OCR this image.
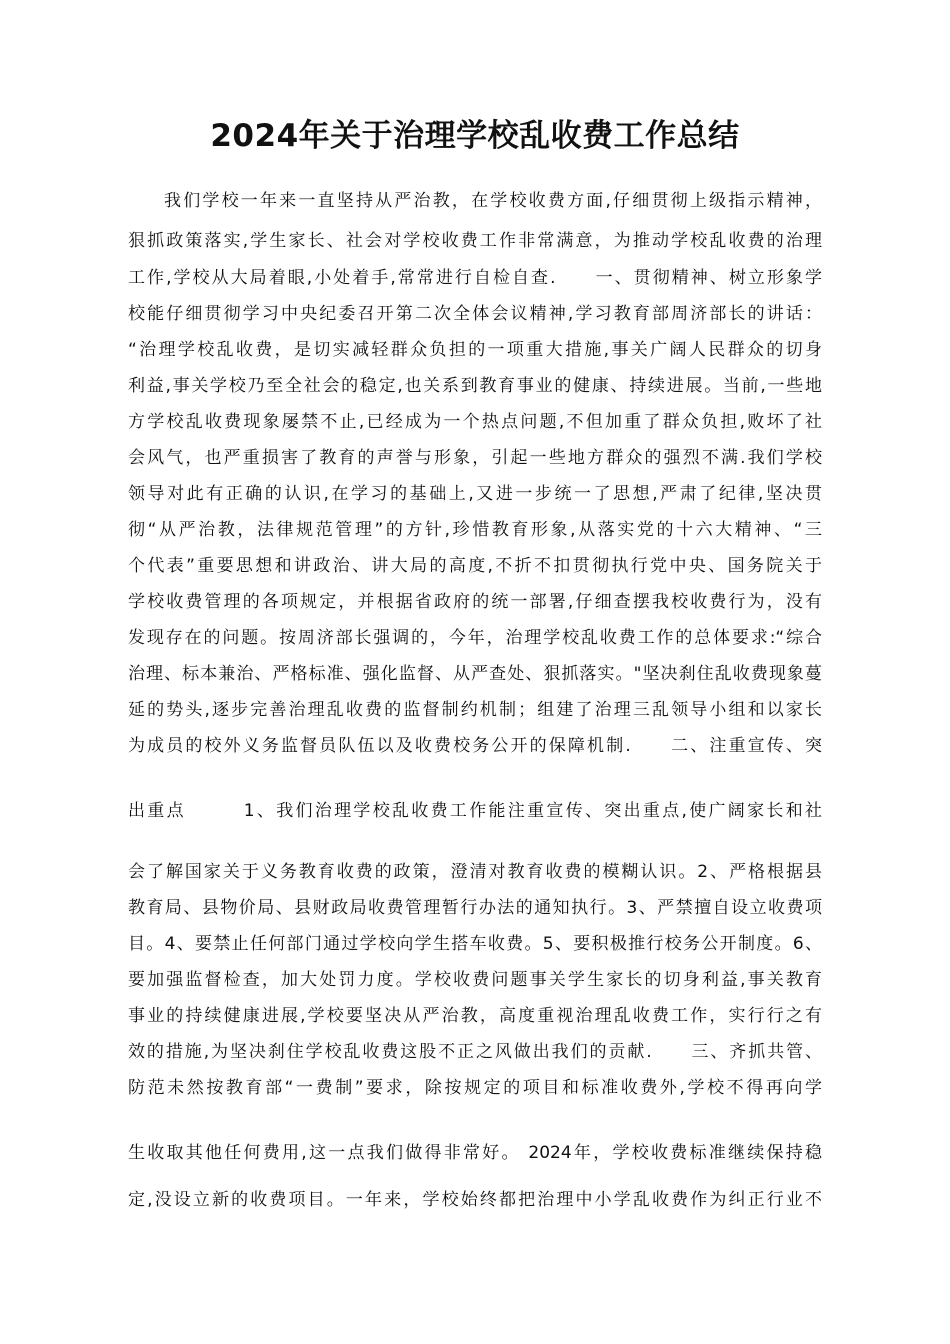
2024年关于治理学校乱收费工作总结

我们学校一年来一直坚持从严治教，在学校收费方面,仔细贯彻上级指示精神，

狠抓政策落实,学生家长、社会对学校收费工作非常满意，为推动学校乱收费的治理

工作,学校从大局着眼,小处着手,常常进行自检自查.　　一、贯彻精神、树立形象学

校能仔细贯彻学习中央纪委召开第二次全体会议精神,学习教育部周济部长的讲话：

“治理学校乱收费，是切实减轻群众负担的一项重大措施,事关广阔人民群众的切身

利益,事关学校乃至全社会的稳定,也关系到教育事业的健康、持续进展。当前,一些地

方学校乱收费现象屡禁不止,已经成为一个热点问题,不但加重了群众负担,败坏了社

会风气，也严重损害了教育的声誉与形象，引起一些地方群众的强烈不满.我们学校

领导对此有正确的认识,在学习的基础上,又进一步统一了思想,严肃了纪律,坚决贯

彻“从严治教，法律规范管理”的方针,珍惜教育形象,从落实党的十六大精神、“三

个代表”重要思想和讲政治、讲大局的高度,不折不扣贯彻执行党中央、国务院关于

学校收费管理的各项规定，并根据省政府的统一部署,仔细查摆我校收费行为，没有

发现存在的问题。按周济部长强调的，今年，治理学校乱收费工作的总体要求:“综合

治理、标本兼治、严格标准、强化监督、从严查处、狠抓落实。"坚决刹住乱收费现象蔓

延的势头,逐步完善治理乱收费的监督制约机制；组建了治理三乱领导小组和以家长

为成员的校外义务监督员队伍以及收费校务公开的保障机制.　　二、注重宣传、突

出重点　　　1、我们治理学校乱收费工作能注重宣传、突出重点,使广阔家长和社

会了解国家关于义务教育收费的政策，澄清对教育收费的模糊认识。2、严格根据县

教育局、县物价局、县财政局收费管理暂行办法的通知执行。3、严禁擅自设立收费项

目。4、要禁止任何部门通过学校向学生搭车收费。5、要积极推行校务公开制度。6、

要加强监督检查，加大处罚力度。学校收费问题事关学生家长的切身利益,事关教育

事业的持续健康进展,学校要坚决从严治教，高度重视治理乱收费工作，实行行之有

效的措施,为坚决刹住学校乱收费这股不正之风做出我们的贡献.　　三、齐抓共管、

防范未然按教育部“一费制”要求，除按规定的项目和标准收费外,学校不得再向学

生收取其他任何费用,这一点我们做得非常好。 2024年，学校收费标准继续保持稳

定,没设立新的收费项目。一年来，学校始终都把治理中小学乱收费作为纠正行业不
